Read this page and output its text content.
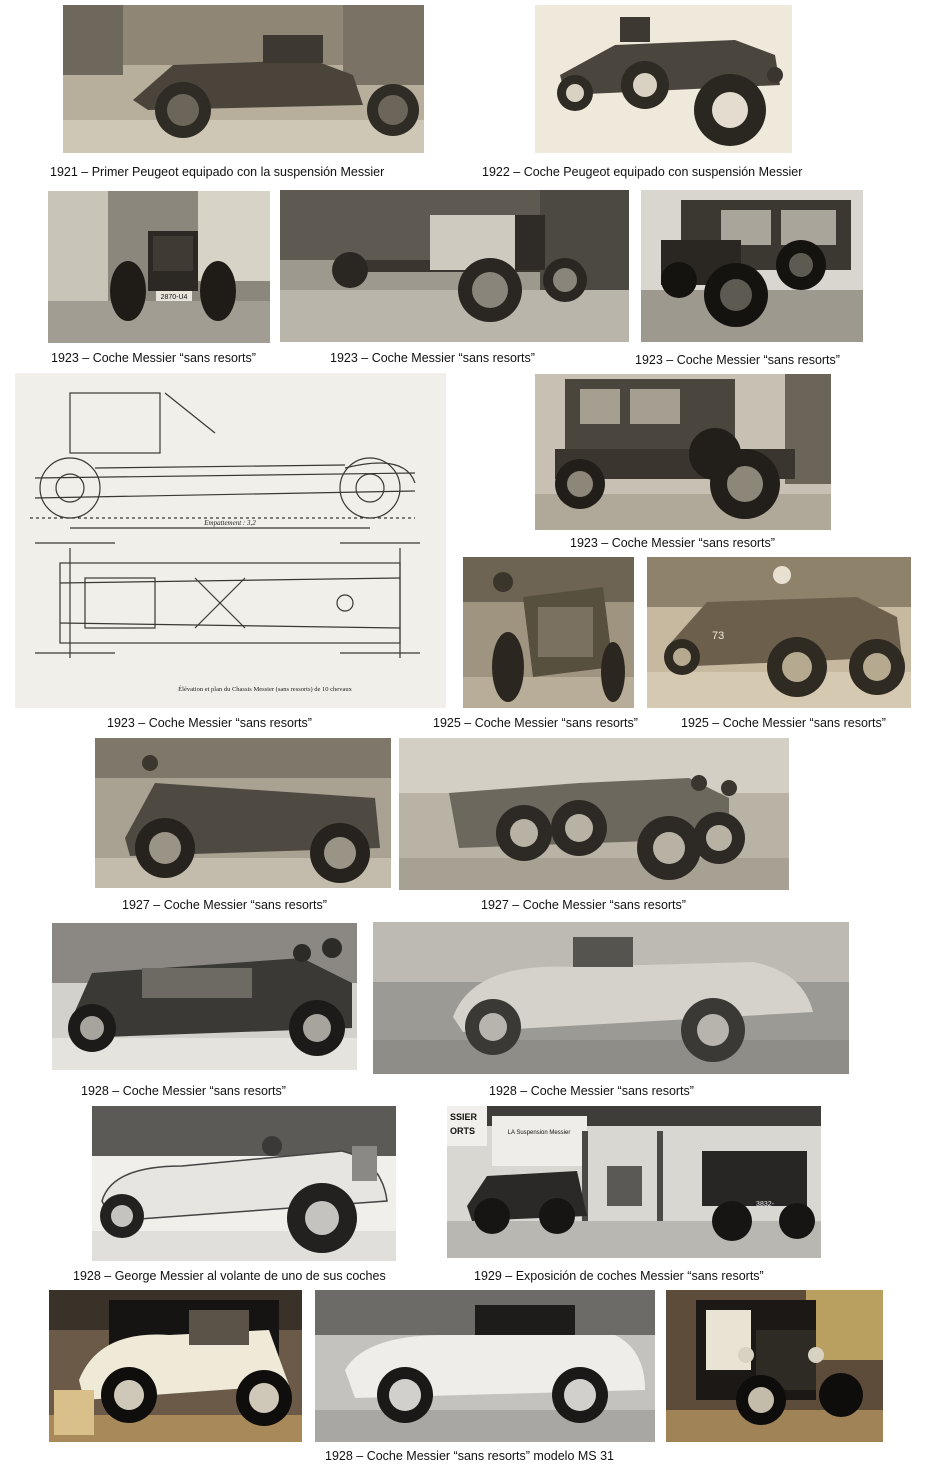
1921 – Primer Peugeot equipado con la suspensión Messier	1922 – Coche Peugeot equipado con suspensión Messier
2870-U4
1923 – Coche Messier “sans resorts”	1923 – Coche Messier “sans resorts”	1923 – Coche Messier “sans resorts”
Empattement : 3,2
Élévation et plan du Chassis Messier (sans ressorts) de 10 chevaux
1923 – Coche Messier “sans resorts”
73
1923 – Coche Messier “sans resorts”	1925 – Coche Messier “sans resorts”	1925 – Coche Messier “sans resorts”
1927 – Coche Messier “sans resorts”	1927 – Coche Messier “sans resorts”
1928 – Coche Messier “sans resorts”	1928 – Coche Messier “sans resorts”
SSIER
ORTS	LA Suspension Messier
3832-
1928 – George Messier al volante de uno de sus coches	1929 – Exposición de coches Messier “sans resorts”
1928 – Coche Messier “sans resorts” modelo MS 31
